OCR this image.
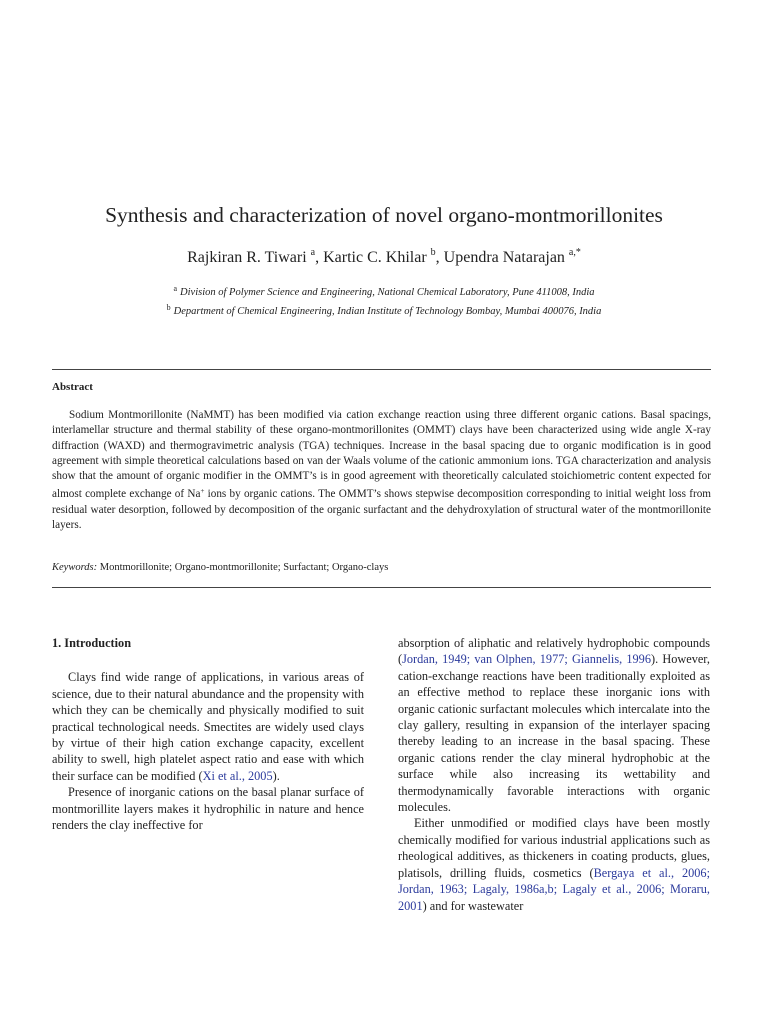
Synthesis and characterization of novel organo-montmorillonites
Rajkiran R. Tiwari $^a$, Kartic C. Khilar $^b$, Upendra Natarajan $^{a,*}$
$^a$ Division of Polymer Science and Engineering, National Chemical Laboratory, Pune 411008, India
$^b$ Department of Chemical Engineering, Indian Institute of Technology Bombay, Mumbai 400076, India
Abstract
Sodium Montmorillonite (NaMMT) has been modified via cation exchange reaction using three different organic cations. Basal spacings, interlamellar structure and thermal stability of these organo-montmorillonites (OMMT) clays have been characterized using wide angle X-ray diffraction (WAXD) and thermogravimetric analysis (TGA) techniques. Increase in the basal spacing due to organic modification is in good agreement with simple theoretical calculations based on van der Waals volume of the cationic ammonium ions. TGA characterization and analysis show that the amount of organic modifier in the OMMT’s is in good agreement with theoretically calculated stoichiometric content expected for almost complete exchange of Na+ ions by organic cations. The OMMT’s shows stepwise decomposition corresponding to initial weight loss from residual water desorption, followed by decomposition of the organic surfactant and the dehydroxylation of structural water of the montmorillonite layers.
Keywords: Montmorillonite; Organo-montmorillonite; Surfactant; Organo-clays
1. Introduction

Clays find wide range of applications, in various areas of science, due to their natural abundance and the propensity with which they can be chemically and physically modified to suit practical technological needs. Smectites are widely used clays by virtue of their high cation exchange capacity, excellent ability to swell, high platelet aspect ratio and ease with which their surface can be modified (Xi et al., 2005).

Presence of inorganic cations on the basal planar surface of montmorillite layers makes it hydrophilic in nature and hence renders the clay ineffective for

absorption of aliphatic and relatively hydrophobic compounds (Jordan, 1949; van Olphen, 1977; Giannelis, 1996). However, cation-exchange reactions have been traditionally exploited as an effective method to replace these inorganic ions with organic cationic surfactant molecules which intercalate into the clay gallery, resulting in expansion of the interlayer spacing thereby leading to an increase in the basal spacing. These organic cations render the clay mineral hydrophobic at the surface while also increasing its wettability and thermodynamically favorable interactions with organic molecules.

Either unmodified or modified clays have been mostly chemically modified for various industrial applications such as rheological additives, as thickeners in coating products, glues, platisols, drilling fluids, cosmetics (Bergaya et al., 2006; Jordan, 1963; Lagaly, 1986a,b; Lagaly et al., 2006; Moraru, 2001) and for wastewater
